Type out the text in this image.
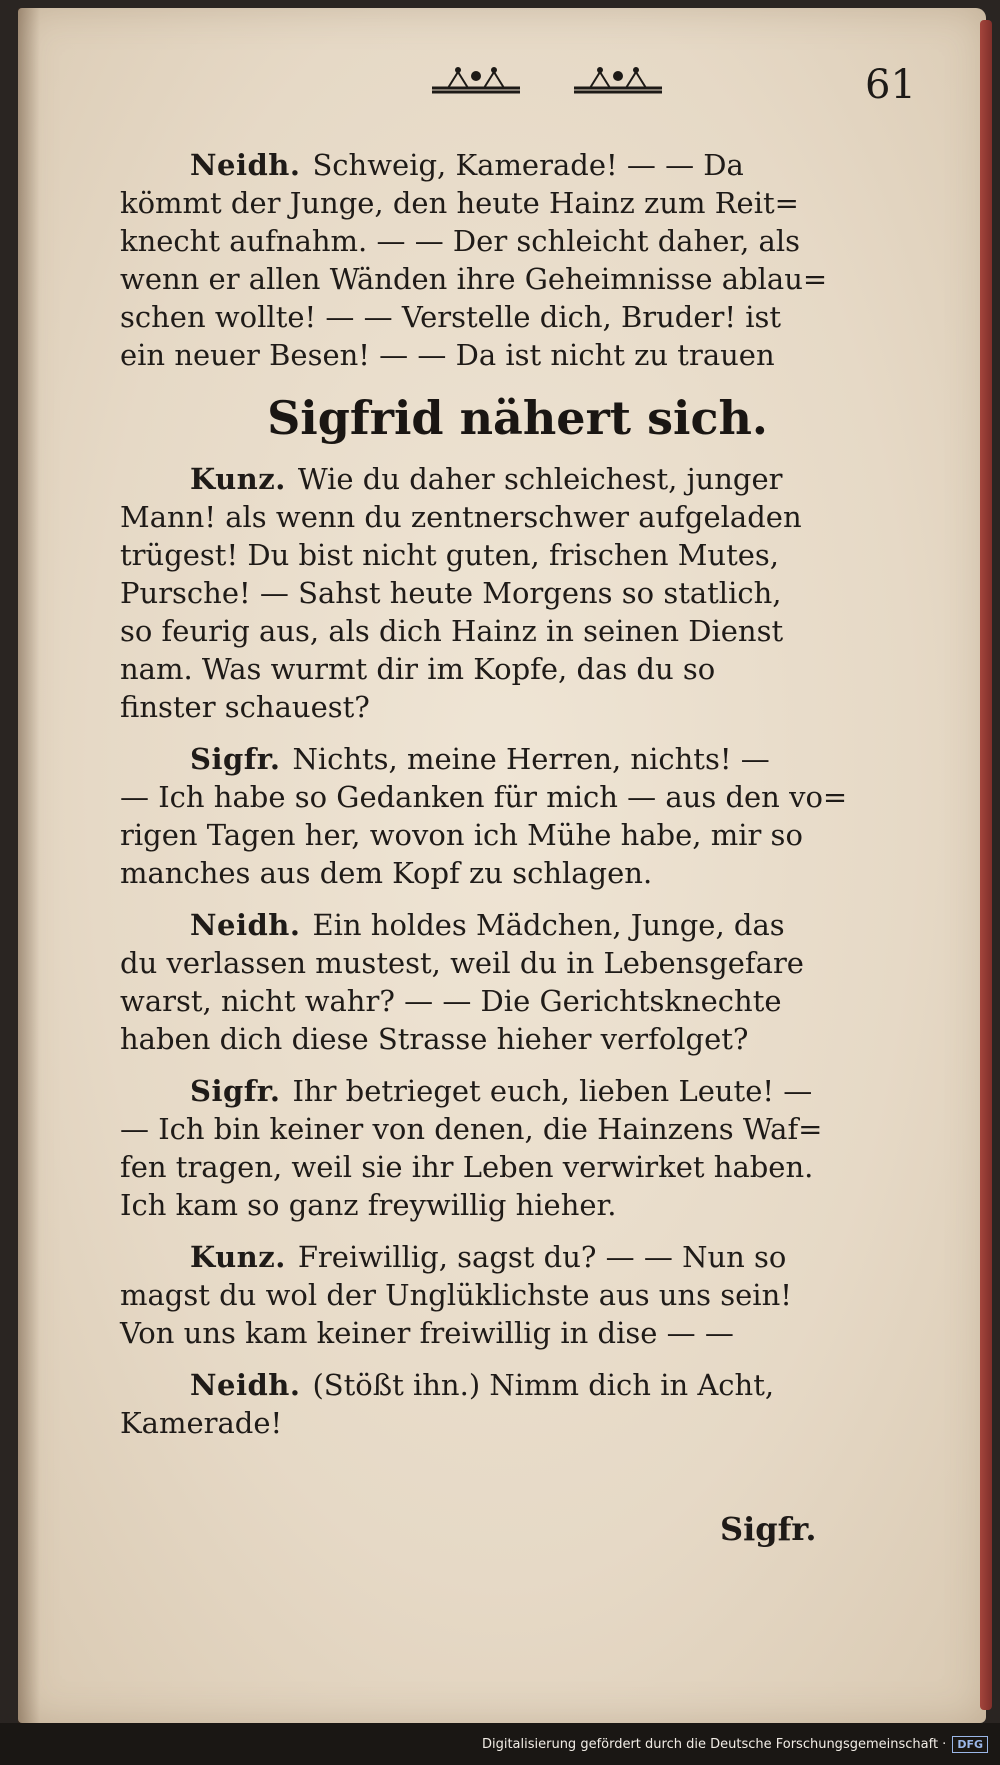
61
Neidh. Schweig, Kamerade! — — Da
kömmt der Junge, den heute Hainz zum Reit=
knecht aufnahm. — — Der schleicht daher, als
wenn er allen Wänden ihre Geheimnisse ablau=
schen wollte! — — Verstelle dich, Bruder! ist
ein neuer Besen! — — Da ist nicht zu trauen
Sigfrid nähert sich.
Kunz. Wie du daher schleichest, junger
Mann! als wenn du zentnerschwer aufgeladen
trügest! Du bist nicht guten, frischen Mutes,
Pursche! — Sahst heute Morgens so statlich,
so feurig aus, als dich Hainz in seinen Dienst
nam. Was wurmt dir im Kopfe, das du so
finster schauest?
Sigfr. Nichts, meine Herren, nichts! —
— Ich habe so Gedanken für mich — aus den vo=
rigen Tagen her, wovon ich Mühe habe, mir so
manches aus dem Kopf zu schlagen.
Neidh. Ein holdes Mädchen, Junge, das
du verlassen mustest, weil du in Lebensgefare
warst, nicht wahr? — — Die Gerichtsknechte
haben dich diese Strasse hieher verfolget?
Sigfr. Ihr betrieget euch, lieben Leute! —
— Ich bin keiner von denen, die Hainzens Waf=
fen tragen, weil sie ihr Leben verwirket haben.
Ich kam so ganz freywillig hieher.
Kunz. Freiwillig, sagst du? — — Nun so
magst du wol der Unglüklichste aus uns sein!
Von uns kam keiner freiwillig in dise — —
Neidh. (Stößt ihn.) Nimm dich in Acht,
Kamerade!
Sigfr.
Digitalisierung gefördert durch die Deutsche Forschungsgemeinschaft ·	DFG
